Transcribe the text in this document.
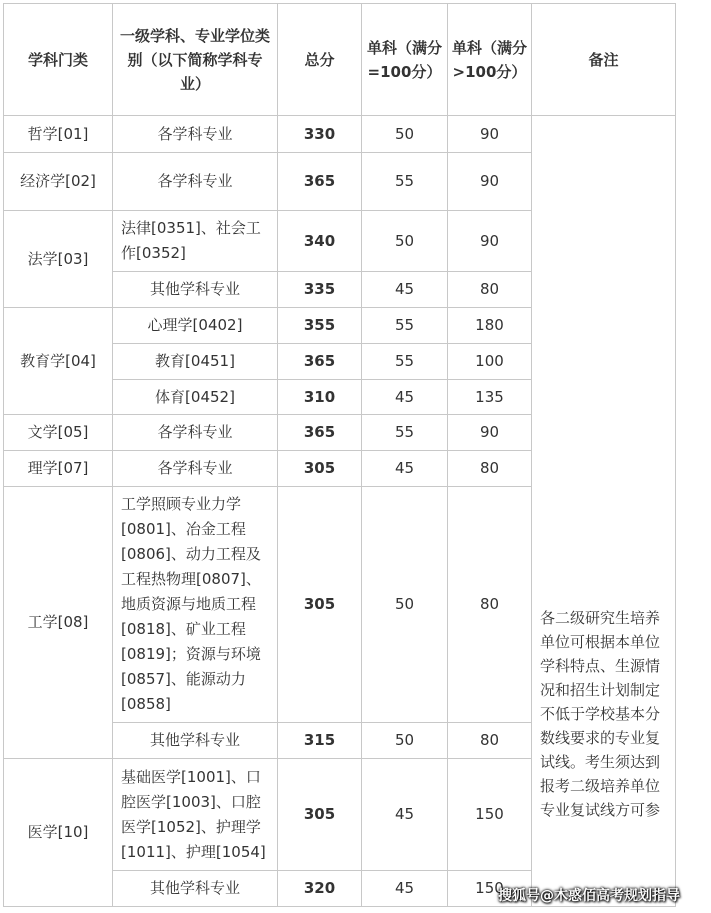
学科门类	一级学科、专业学位类别（以下简称学科专业）	总分	单科（满分=100分）	单科（满分>100分）	备注
哲学[01]	各学科专业	330	50	90	各二级研究生培养单位可根据本单位学科特点、生源情况和招生计划制定不低于学校基本分数线要求的专业复试线。考生须达到报考二级培养单位专业复试线方可参

经济学[02]	各学科专业	365	55	90	
法学[03]	法律[0351]、社会工作[0352]	340	50	90	
	其他学科专业	335	45	80	
教育学[04]	心理学[0402]	355	55	180	
	教育[0451]	365	55	100	
	体育[0452]	310	45	135	
文学[05]	各学科专业	365	55	90	
理学[07]	各学科专业	305	45	80	
工学[08]	工学照顾专业力学[0801]、冶金工程[0806]、动力工程及工程热物理[0807]、地质资源与地质工程[0818]、矿业工程[0819]；资源与环境[0857]、能源动力[0858]	305	50	80	
	其他学科专业	315	50	80	
医学[10]	基础医学[1001]、口腔医学[1003]、口腔医学[1052]、护理学[1011]、护理[1054]	305	45	150	
	其他学科专业	320	45	150	
搜狐号@木惑佰高考规划指导
